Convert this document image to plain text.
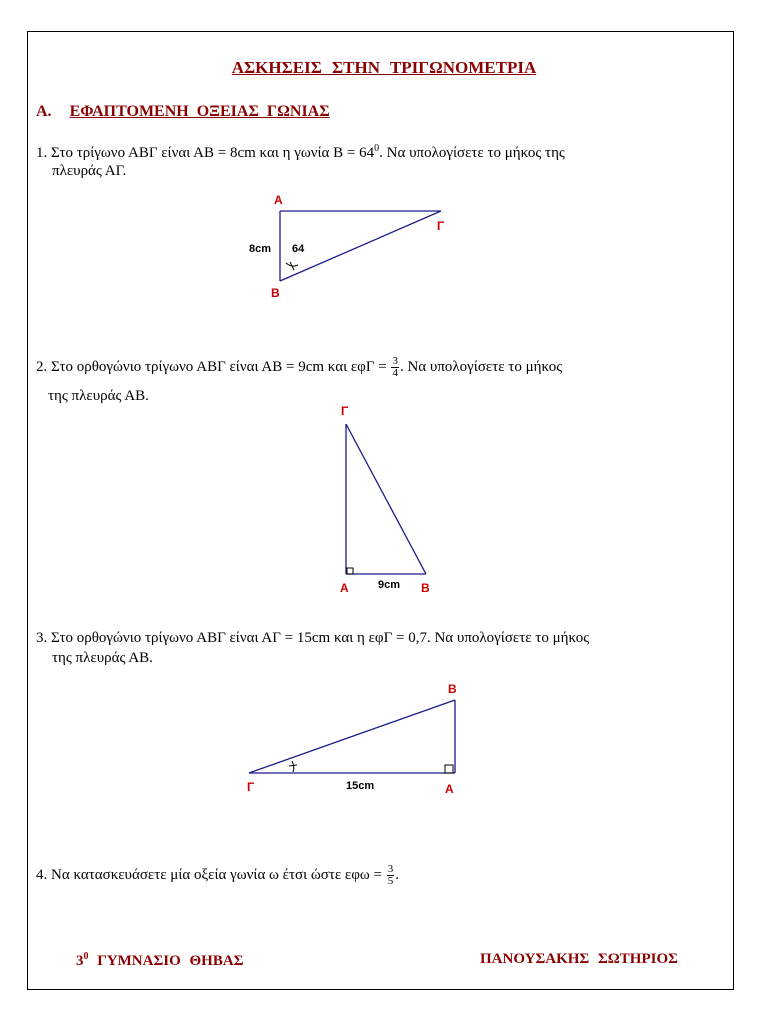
ΑΣΚΗΣΕΙΣ ΣΤΗΝ ΤΡΙΓΩΝΟΜΕΤΡΙΑ
A. ΕΦΑΠΤΟΜΕΝΗ ΟΞΕΙΑΣ ΓΩΝΙΑΣ
1. Στο τρίγωνο ΑΒΓ είναι ΑΒ = 8cm και η γωνία $B = 64^0$. Να υπολογίσετε το μήκος της
πλευράς ΑΓ.
A
B
Γ
8cm 64
2. Στο ορθογώνιο τρίγωνο ΑΒΓ είναι ΑΒ = 9cm και $\varepsilon\varphi\Gamma = \frac{3}{4}$ . Να υπολογίσετε το μήκος
της πλευράς ΑΒ.
Γ
A	B
9cm
3. Στο ορθογώνιο τρίγωνο ΑΒΓ είναι ΑΓ = 15cm και η εφΓ = 0,7. Να υπολογίσετε το μήκος
της πλευράς ΑΒ.
B
Γ	A
15cm
4. Να κατασκευάσετε μία οξεία γωνία ω έτσι ώστε $\varepsilon\varphi\omega = \frac{3}{5}$ .
$3^0$ ΓΥΜΝΑΣΙΟ ΘΗΒΑΣ	ΠΑΝΟΥΣΑΚΗΣ ΣΩΤΗΡΙΟΣ
